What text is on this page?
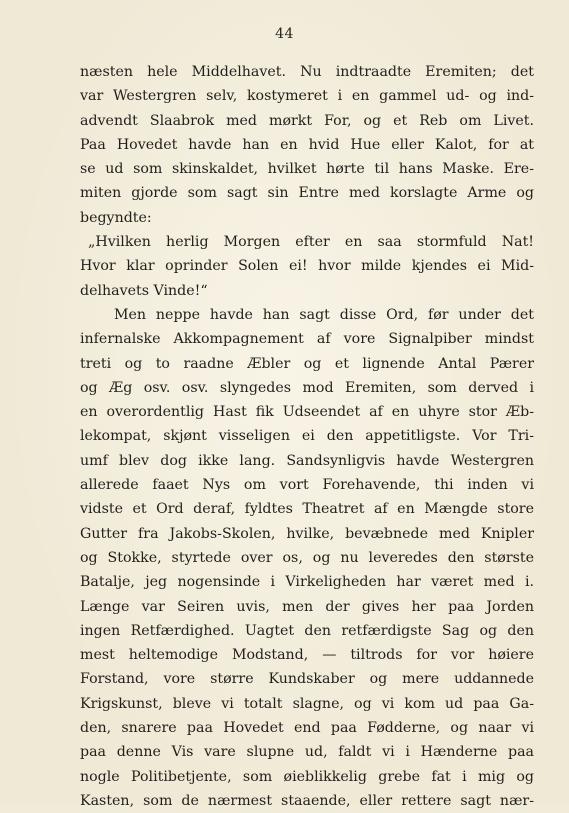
44
næsten hele Middelhavet. Nu indtraadte Eremiten; det
var Westergren selv, kostymeret i en gammel ud- og ind-
advendt Slaabrok med mørkt For, og et Reb om Livet.
Paa Hovedet havde han en hvid Hue eller Kalot, for at
se ud som skinskaldet, hvilket hørte til hans Maske. Ere-
miten gjorde som sagt sin Entre med korslagte Arme og
begyndte:
„Hvilken herlig Morgen efter en saa stormfuld Nat!
Hvor klar oprinder Solen ei! hvor milde kjendes ei Mid-
delhavets Vinde!“
Men neppe havde han sagt disse Ord, før under det
infernalske Akkompagnement af vore Signalpiber mindst
treti og to raadne Æbler og et lignende Antal Pærer
og Æg osv. osv. slyngedes mod Eremiten, som derved i
en overordentlig Hast fik Udseendet af en uhyre stor Æb-
lekompat, skjønt visseligen ei den appetitligste. Vor Tri-
umf blev dog ikke lang. Sandsynligvis havde Westergren
allerede faaet Nys om vort Forehavende, thi inden vi
vidste et Ord deraf, fyldtes Theatret af en Mængde store
Gutter fra Jakobs-Skolen, hvilke, bevæbnede med Knipler
og Stokke, styrtede over os, og nu leveredes den største
Batalje, jeg nogensinde i Virkeligheden har været med i.
Længe var Seiren uvis, men der gives her paa Jorden
ingen Retfærdighed. Uagtet den retfærdigste Sag og den
mest heltemodige Modstand, — tiltrods for vor høiere
Forstand, vore større Kundskaber og mere uddannede
Krigskunst, bleve vi totalt slagne, og vi kom ud paa Ga-
den, snarere paa Hovedet end paa Fødderne, og naar vi
paa denne Vis vare slupne ud, faldt vi i Hænderne paa
nogle Politibetjente, som øieblikkelig grebe fat i mig og
Kasten, som de nærmest staaende, eller rettere sagt nær-
